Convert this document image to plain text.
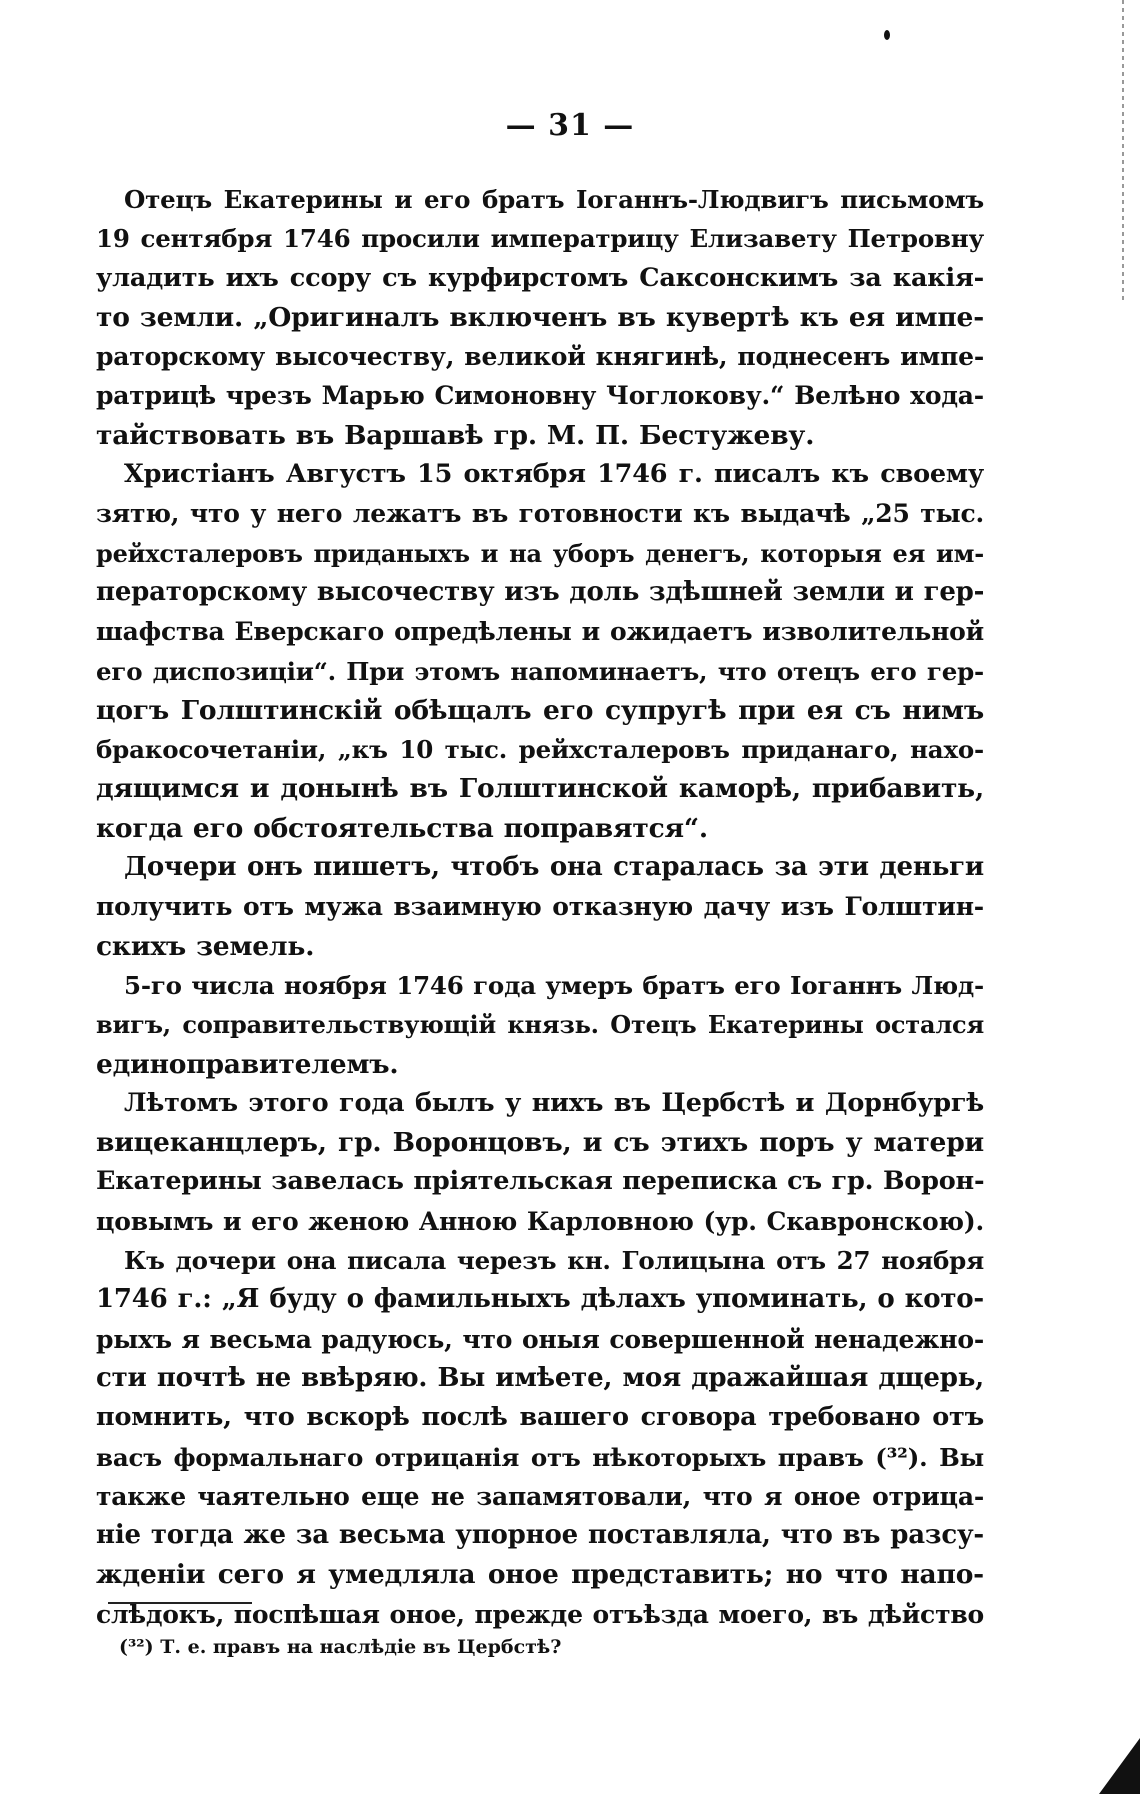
— 31 —
Отецъ Екатерины и его братъ Iоганнъ-Людвигъ письмомъ
19 сентября 1746 просили императрицу Елизавету Петровну
уладить ихъ ссору съ курфирстомъ Саксонскимъ за какія-
то земли. „Оригиналъ включенъ въ кувертѣ къ ея импе-
раторскому высочеству, великой княгинѣ, поднесенъ импе-
ратрицѣ чрезъ Марью Симоновну Чоглокову.“ Велѣно хода-
тайствовать въ Варшавѣ гр. М. П. Бестужеву.
Христіанъ Августъ 15 октября 1746 г. писалъ къ своему
зятю, что у него лежатъ въ готовности къ выдачѣ „25 тыс.
рейхсталеровъ приданыхъ и на уборъ денегъ, которыя ея им-
ператорскому высочеству изъ доль здѣшней земли и гер-
шафства Еверскаго опредѣлены и ожидаетъ изволительной
его диспозиціи“. При этомъ напоминаетъ, что отецъ его гер-
цогъ Голштинскій обѣщалъ его супругѣ при ея съ нимъ
бракосочетаніи, „къ 10 тыс. рейхсталеровъ приданаго, нахо-
дящимся и донынѣ въ Голштинской каморѣ, прибавить,
когда его обстоятельства поправятся“.
Дочери онъ пишетъ, чтобъ она старалась за эти деньги
получить отъ мужа взаимную отказную дачу изъ Голштин-
скихъ земель.
5-го числа ноября 1746 года умеръ братъ его Iоганнъ Люд-
вигъ, соправительствующій князь. Отецъ Екатерины остался
единоправителемъ.
Лѣтомъ этого года былъ у нихъ въ Цербстѣ и Дорнбургѣ
вицеканцлеръ, гр. Воронцовъ, и съ этихъ поръ у матери
Екатерины завелась пріятельская переписка съ гр. Ворон-
цовымъ и его женою Анною Карловною (ур. Скавронскою).
Къ дочери она писала черезъ кн. Голицына отъ 27 ноября
1746 г.: „Я буду о фамильныхъ дѣлахъ упоминать, о кото-
рыхъ я весьма радуюсь, что оныя совершенной ненадежно-
сти почтѣ не ввѣряю. Вы имѣете, моя дражайшая дщерь,
помнить, что вскорѣ послѣ вашего сговора требовано отъ
васъ формальнаго отрицанія отъ нѣкоторыхъ правъ (³²). Вы
также чаятельно еще не запамятовали, что я оное отрица-
ніе тогда же за весьма упорное поставляла, что въ разсу-
жденіи сего я умедляла оное представить; но что напо-
слѣдокъ, поспѣшая оное, прежде отъѣзда моего, въ дѣйство
(³²) Т. е. правъ на наслѣдіе въ Цербстѣ?
